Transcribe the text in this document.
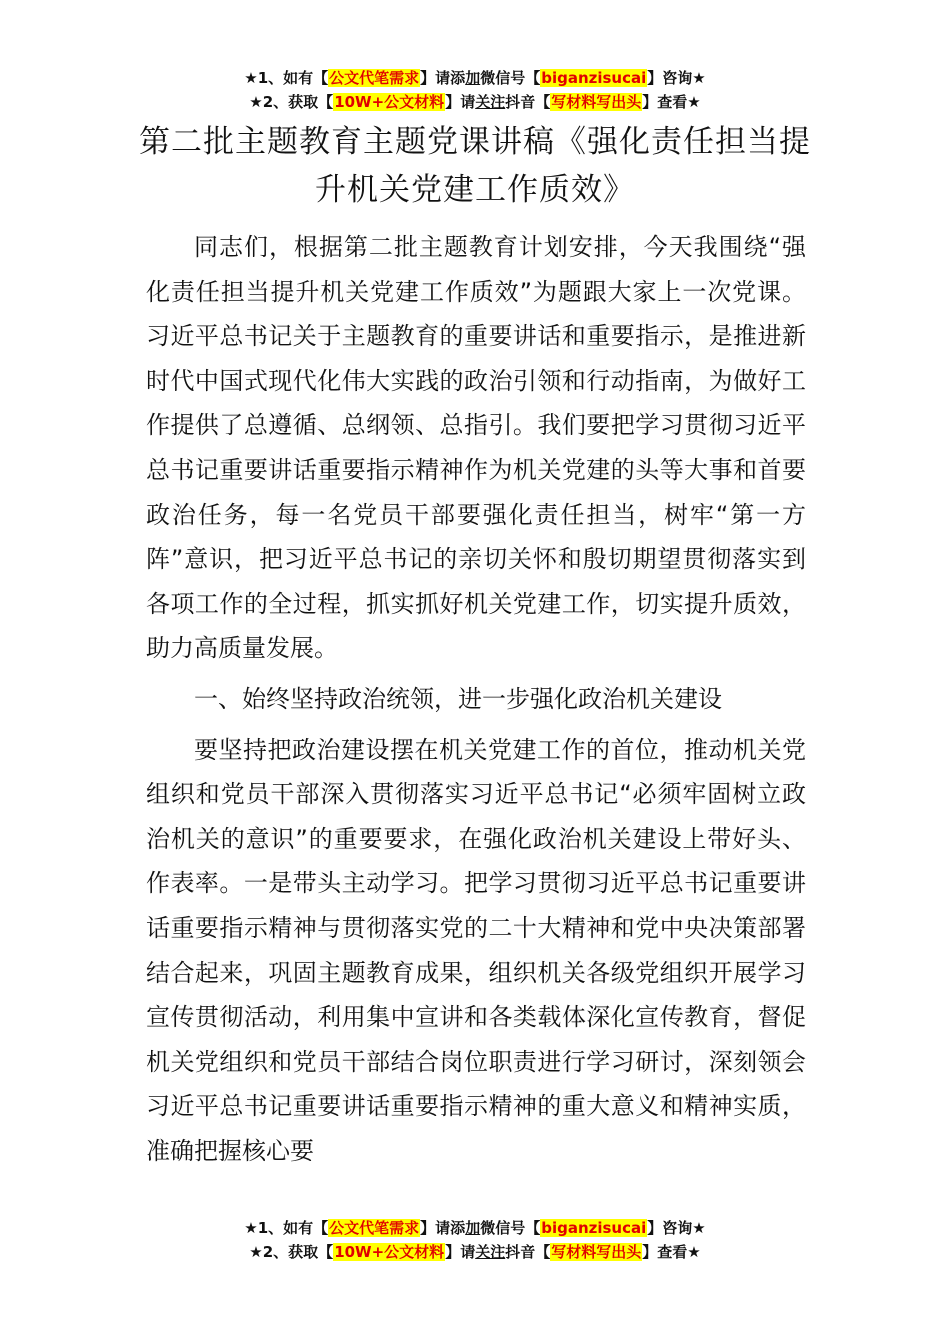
★1、如有【公文代笔需求】请添加微信号【biganzisucai】咨询★
★2、获取【10W+公文材料】请关注抖音【写材料写出头】查看★
第二批主题教育主题党课讲稿《强化责任担当提升机关党建工作质效》

同志们，根据第二批主题教育计划安排，今天我围绕“强化责任担当提升机关党建工作质效”为题跟大家上一次党课。习近平总书记关于主题教育的重要讲话和重要指示，是推进新时代中国式现代化伟大实践的政治引领和行动指南，为做好工作提供了总遵循、总纲领、总指引。我们要把学习贯彻习近平总书记重要讲话重要指示精神作为机关党建的头等大事和首要政治任务，每一名党员干部要强化责任担当，树牢“第一方阵”意识，把习近平总书记的亲切关怀和殷切期望贯彻落实到各项工作的全过程，抓实抓好机关党建工作，切实提升质效，助力高质量发展。

一、始终坚持政治统领，进一步强化政治机关建设

要坚持把政治建设摆在机关党建工作的首位，推动机关党组织和党员干部深入贯彻落实习近平总书记“必须牢固树立政治机关的意识”的重要要求，在强化政治机关建设上带好头、作表率。一是带头主动学习。把学习贯彻习近平总书记重要讲话重要指示精神与贯彻落实党的二十大精神和党中央决策部署结合起来，巩固主题教育成果，组织机关各级党组织开展学习宣传贯彻活动，利用集中宣讲和各类载体深化宣传教育，督促机关党组织和党员干部结合岗位职责进行学习研讨，深刻领会习近平总书记重要讲话重要指示精神的重大意义和精神实质，准确把握核心要

★1、如有【公文代笔需求】请添加微信号【biganzisucai】咨询★
★2、获取【10W+公文材料】请关注抖音【写材料写出头】查看★
